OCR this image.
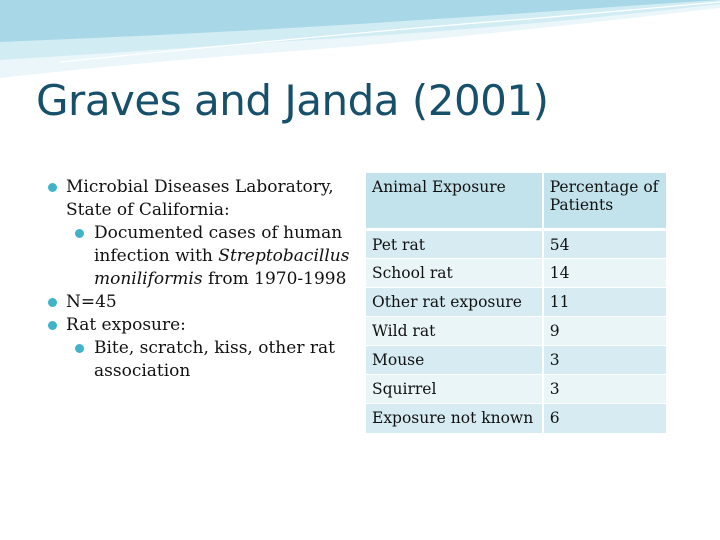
Graves and Janda (2001)
Microbial Diseases Laboratory, State of California:
Documented cases of human infection with Streptobacillus moniliformis from 1970-1998
N=45
Rat exposure:
Bite, scratch, kiss, other rat association
Animal Exposure	Percentage of Patients
Pet rat	54
School rat	14
Other rat exposure	11
Wild rat	9
Mouse	3
Squirrel	3
Exposure not known	6
